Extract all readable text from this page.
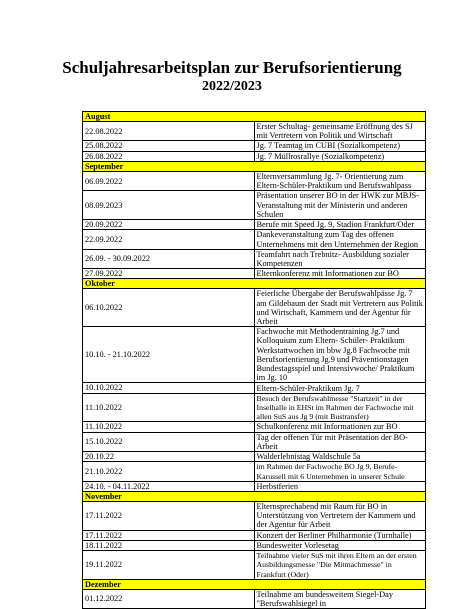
Schuljahresarbeitsplan zur Berufsorientierung
2022/2023
August	
22.08.2022	Erster Schultag- gemeinsame Eröffnung des SJ mit Vertretern von Politik und Wirtschaft
25.08.2022	Jg. 7 Teamtag im CUBI (Sozialkompetenz)
26.08.2022	Jg. 7 Müllrosrallye (Sozialkompetenz)
September	
06.09.2022	Elternversammlung Jg. 7- Orientierung zum Eltern-Schüler-Praktikum und Berufswahlpass
08.09.2023	Präsentation unserer BO in der HWK zur MBJS- Veranstaltung mit der Ministerin und anderen Schulen
20.09.2022	Berufe mit Speed Jg. 9, Stadion Frankfurt/Oder
22.09.2022	Dankeveranstaltung zum Tag des offenen Unternehmens mit den Unternehmen der Region
26.09. - 30.09.2022	Teamfahrt nach Trebnitz- Ausbildung sozialer Kompetenzen
27.09.2022	Elternkonferenz mit Informationen zur BO
Oktober	
06.10.2022	Feierliche Übergabe der Berufswahlpässe Jg. 7 am Gildebaum der Stadt mit Vertretern aus Politik und Wirtschaft, Kammern und der Agentur für Arbeit
10.10. - 21.10.2022	Fachwoche mit Methodentraining Jg.7 und Kolloquium zum Eltern- Schüler- Praktikum Werkstattwochen im bbw Jg.8 Fachwoche mit Berufsorientierung Jg.9 und Präventionstagen Bundestagsspiel und Intensivwoche/ Praktikum im Jg. 10
10.10.2022	Eltern-Schüler-Praktikum Jg. 7
11.10.2022	Besuch der Berufswahlmesse "Startzeit" in der Inselhalle in EHSt im Rahmen der Fachwoche mit allen SuS aus Jg 9 (mit Bustransfer)
11.10.2022	Schulkonferenz mit Informationen zur BO
15.10.2022	Tag der offenen Tür mit Präsentation der BO-Arbeit
20.10.22	Walderlebnistag Waldschule 5a
21.10.2022	im Rahmen der Fachwoche BO Jg 9, Berufe-Karussell mit 6 Unternehmen in unserer Schule
24.10. - 04.11.2022	Herbstferien
November	
17.11.2022	Elternsprechabend mit Raum für BO in Unterstützung von Vertretern der Kammern und der Agentur für Arbeit
17.11.2022	Konzert der Berliner Philharmonie (Turnhalle)
18.11.2022	Bundesweiter Vorlesetag
19.11.2022	Teilnahme vieler SuS mit ihren Eltern an der ersten Ausbildungsmesse "Die Mitmachmesse" in Frankfurt (Oder)
Dezember	
01.12.2022	Teilnahme am bundesweitem Siegel-Day "Berufswahlsiegel in
